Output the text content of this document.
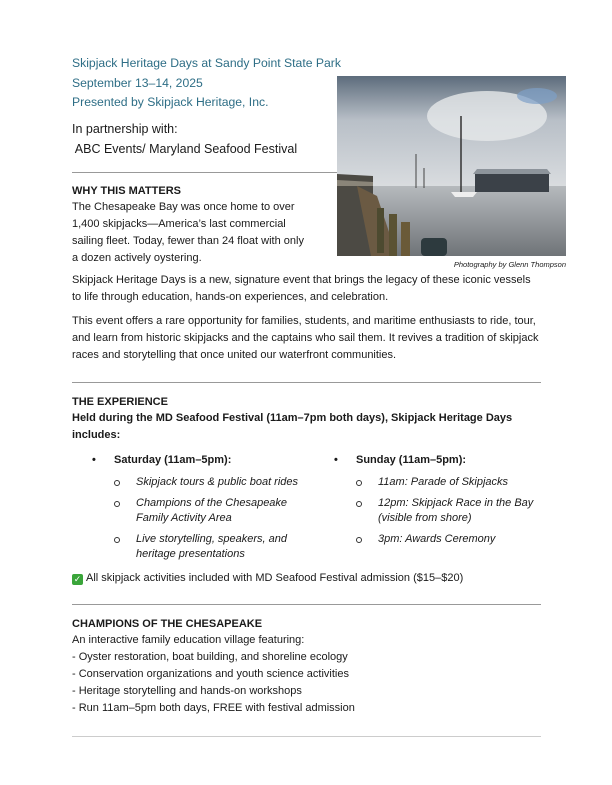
Skipjack Heritage Days at Sandy Point State Park
September 13–14, 2025
Presented by Skipjack Heritage, Inc.
In partnership with:
ABC Events/ Maryland Seafood Festival
Photography by Glenn Thompson
WHY THIS MATTERS
The Chesapeake Bay was once home to over
1,400 skipjacks—America’s last commercial
sailing fleet. Today, fewer than 24 float with only
a dozen actively oystering.
Skipjack Heritage Days is a new, signature event that brings the legacy of these iconic vessels to life through education, hands-on experiences, and celebration.
This event offers a rare opportunity for families, students, and maritime enthusiasts to ride, tour, and learn from historic skipjacks and the captains who sail them. It revives a tradition of skipjack races and storytelling that once united our waterfront communities.
THE EXPERIENCE
Held during the MD Seafood Festival (11am–7pm both days), Skipjack Heritage Days includes:
• Saturday (11am–5pm):
Skipjack tours & public boat rides
Champions of the Chesapeake Family Activity Area
Live storytelling, speakers, and heritage presentations
• Sunday (11am–5pm):
11am: Parade of Skipjacks
12pm: Skipjack Race in the Bay (visible from shore)
3pm: Awards Ceremony
✓ All skipjack activities included with MD Seafood Festival admission ($15–$20)
CHAMPIONS OF THE CHESAPEAKE
An interactive family education village featuring:
- Oyster restoration, boat building, and shoreline ecology
- Conservation organizations and youth science activities
- Heritage storytelling and hands-on workshops
- Run 11am–5pm both days, FREE with festival admission
